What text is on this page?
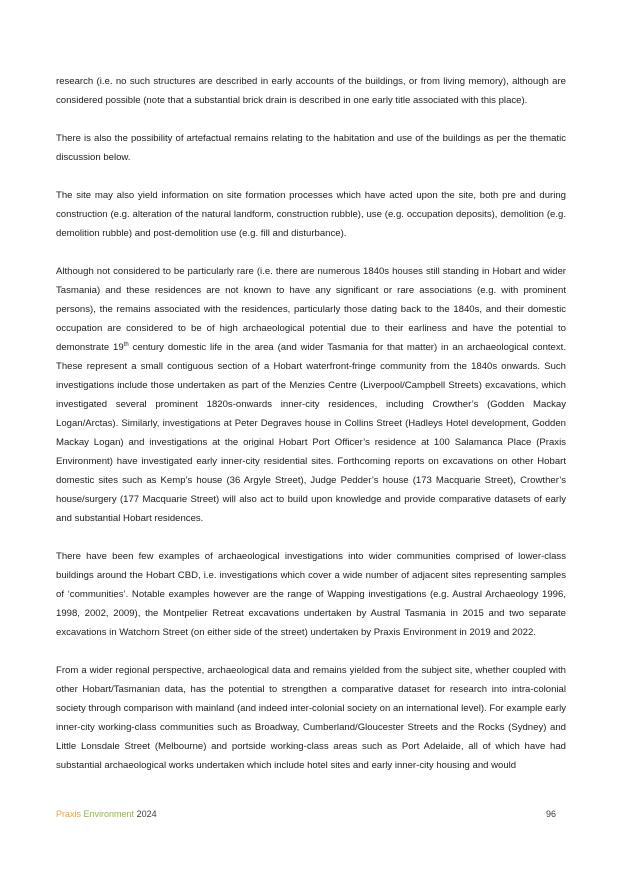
research (i.e. no such structures are described in early accounts of the buildings, or from living memory), although are considered possible (note that a substantial brick drain is described in one early title associated with this place).

There is also the possibility of artefactual remains relating to the habitation and use of the buildings as per the thematic discussion below.

The site may also yield information on site formation processes which have acted upon the site, both pre and during construction (e.g. alteration of the natural landform, construction rubble), use (e.g. occupation deposits), demolition (e.g. demolition rubble) and post-demolition use (e.g. fill and disturbance).

Although not considered to be particularly rare (i.e. there are numerous 1840s houses still standing in Hobart and wider Tasmania) and these residences are not known to have any significant or rare associations (e.g. with prominent persons), the remains associated with the residences, particularly those dating back to the 1840s, and their domestic occupation are considered to be of high archaeological potential due to their earliness and have the potential to demonstrate 19th century domestic life in the area (and wider Tasmania for that matter) in an archaeological context. These represent a small contiguous section of a Hobart waterfront-fringe community from the 1840s onwards. Such investigations include those undertaken as part of the Menzies Centre (Liverpool/Campbell Streets) excavations, which investigated several prominent 1820s-onwards inner-city residences, including Crowther’s (Godden Mackay Logan/Arctas). Similarly, investigations at Peter Degraves house in Collins Street (Hadleys Hotel development, Godden Mackay Logan) and investigations at the original Hobart Port Officer’s residence at 100 Salamanca Place (Praxis Environment) have investigated early inner-city residential sites. Forthcoming reports on excavations on other Hobart domestic sites such as Kemp’s house (36 Argyle Street), Judge Pedder’s house (173 Macquarie Street), Crowther’s house/surgery (177 Macquarie Street) will also act to build upon knowledge and provide comparative datasets of early and substantial Hobart residences.

There have been few examples of archaeological investigations into wider communities comprised of lower-class buildings around the Hobart CBD, i.e. investigations which cover a wide number of adjacent sites representing samples of ‘communities’. Notable examples however are the range of Wapping investigations (e.g. Austral Archaeology 1996, 1998, 2002, 2009), the Montpelier Retreat excavations undertaken by Austral Tasmania in 2015 and two separate excavations in Watchorn Street (on either side of the street) undertaken by Praxis Environment in 2019 and 2022.

From a wider regional perspective, archaeological data and remains yielded from the subject site, whether coupled with other Hobart/Tasmanian data, has the potential to strengthen a comparative dataset for research into intra-colonial society through comparison with mainland (and indeed inter-colonial society on an international level). For example early inner-city working-class communities such as Broadway, Cumberland/Gloucester Streets and the Rocks (Sydney) and Little Lonsdale Street (Melbourne) and portside working-class areas such as Port Adelaide, all of which have had substantial archaeological works undertaken which include hotel sites and early inner-city housing and would

Praxis Environment 2024	96
